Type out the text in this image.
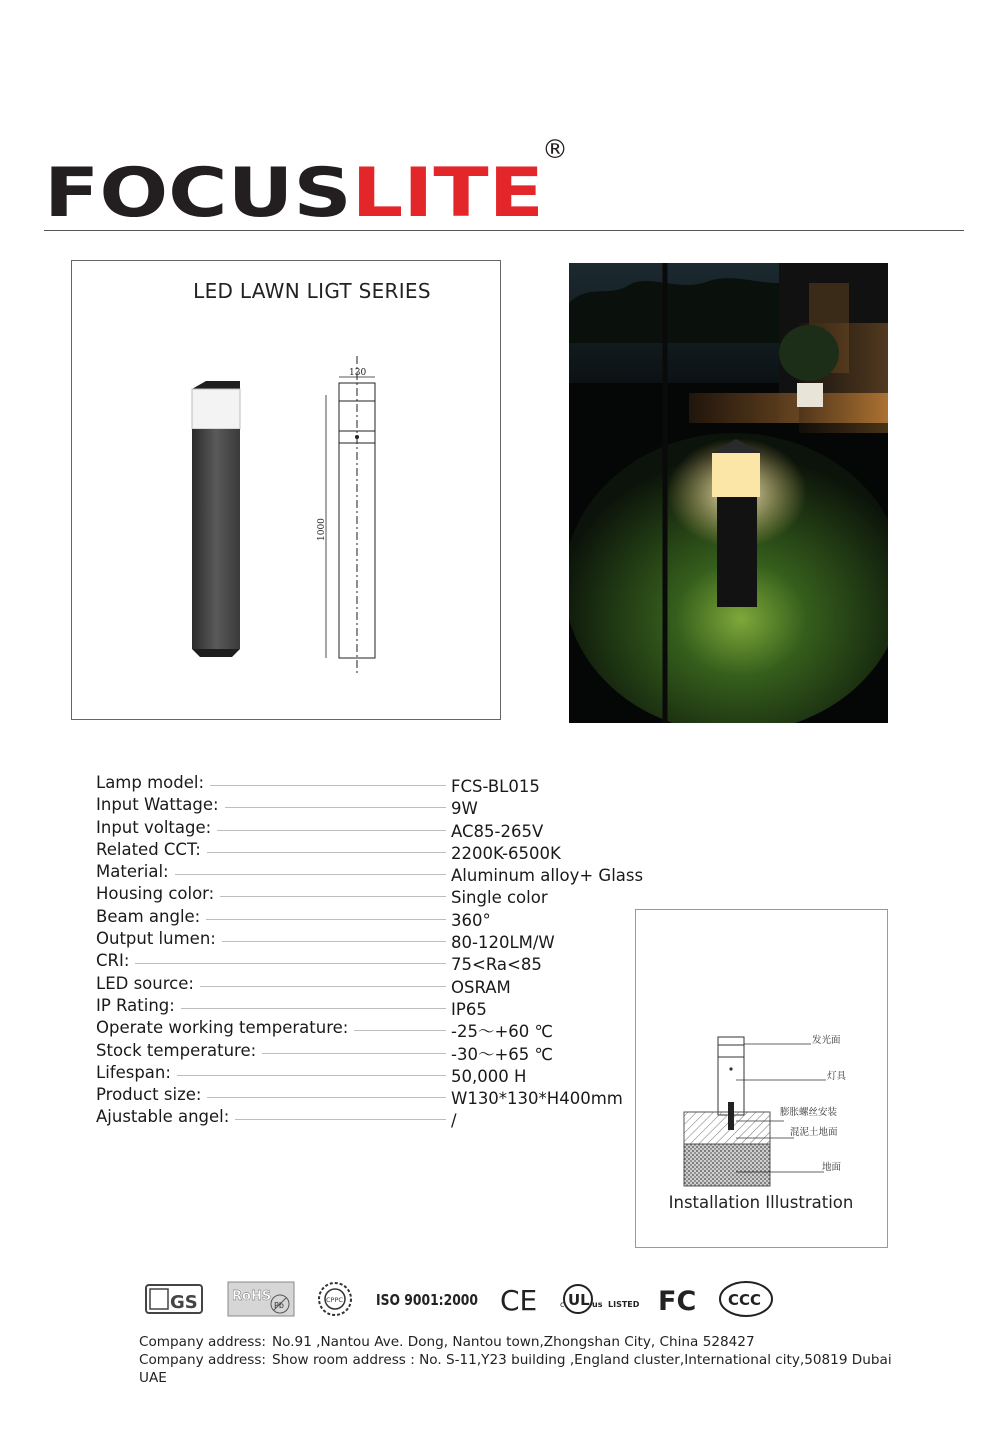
FOCUS LITE
®
LED LAWN LIGT SERIES
130
1000
Lamp model:	FCS-BL015
Input Wattage:	9W
Input voltage:	AC85-265V
Related CCT:	2200K-6500K
Material:	Aluminum alloy+ Glass
Housing color:	Single color
Beam angle:	360°
Output lumen:	80-120LM/W
CRI:	75<Ra<85
LED source:	OSRAM
IP Rating:	IP65
Operate working temperature:	-25～+60 ℃
Stock temperature:	-30～+65 ℃
Lifespan:	50,000 H
Product size:	W130*130*H400mm
Ajustable angel:	/
发光面
灯具
膨胀螺丝安装
混泥土地面
地面
Installation Illustration
GS	RoHS
Pb
CPPC ISO 9001:2000 CE UL
c	us LISTED FC CCC
Company address: No.91 ,Nantou Ave. Dong, Nantou town,Zhongshan City, China 528427
Company address: Show room address : No. S-11,Y23 building ,England cluster,International city,50819 Dubai UAE
